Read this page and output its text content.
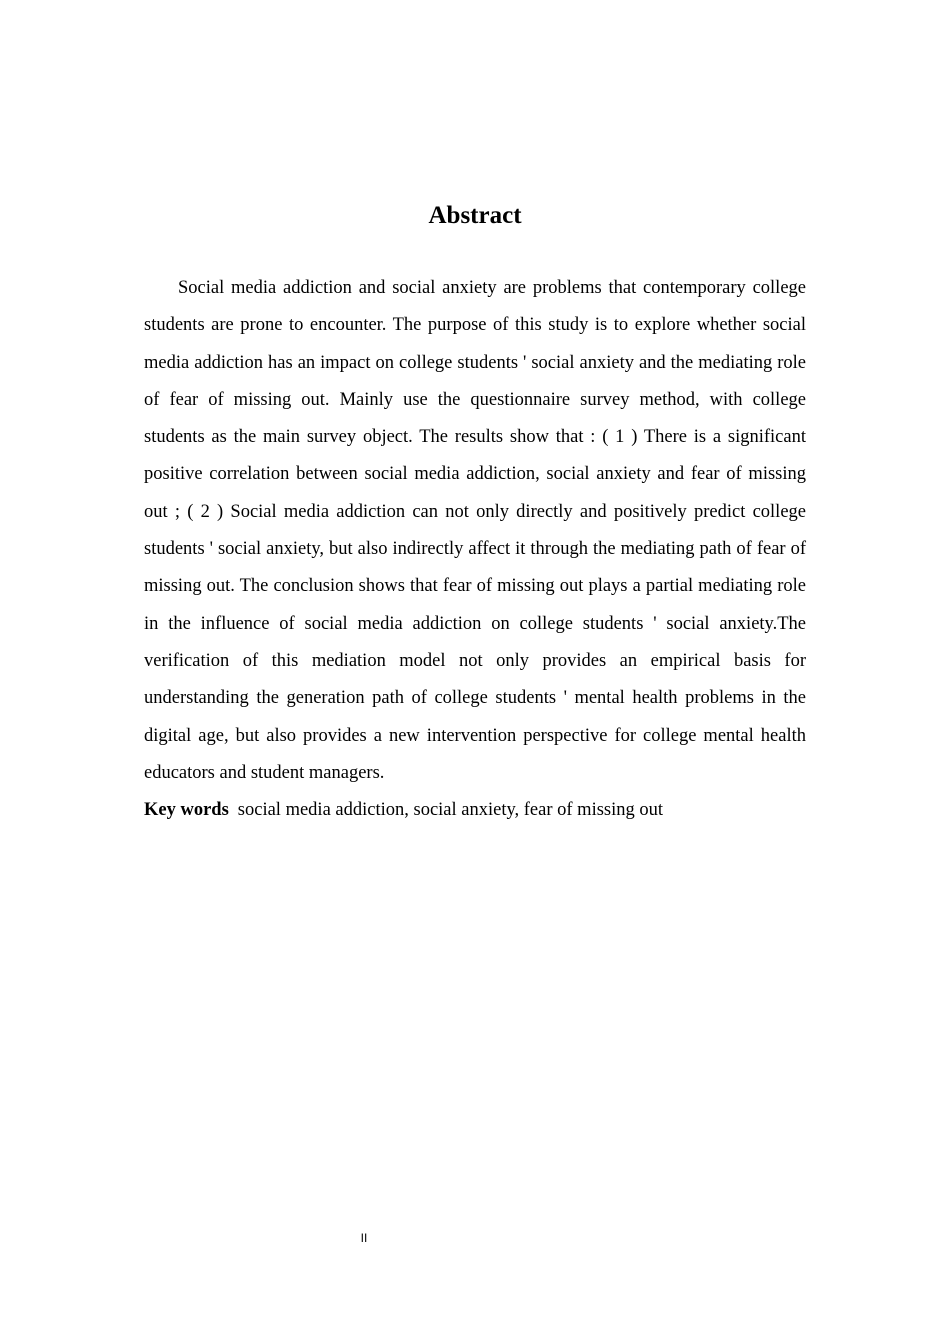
Abstract

Social media addiction and social anxiety are problems that contemporary college students are prone to encounter. The purpose of this study is to explore whether social media addiction has an impact on college students ' social anxiety and the mediating role of fear of missing out. Mainly use the questionnaire survey method, with college students as the main survey object. The results show that : ( 1 ) There is a significant positive correlation between social media addiction, social anxiety and fear of missing out ; ( 2 ) Social media addiction can not only directly and positively predict college students ' social anxiety, but also indirectly affect it through the mediating path of fear of missing out. The conclusion shows that fear of missing out plays a partial mediating role in the influence of social media addiction on college students ' social anxiety.The verification of this mediation model not only provides an empirical basis for understanding the generation path of college students ' mental health problems in the digital age, but also provides a new intervention perspective for college mental health educators and student managers.

Key words social media addiction, social anxiety, fear of missing out

II
